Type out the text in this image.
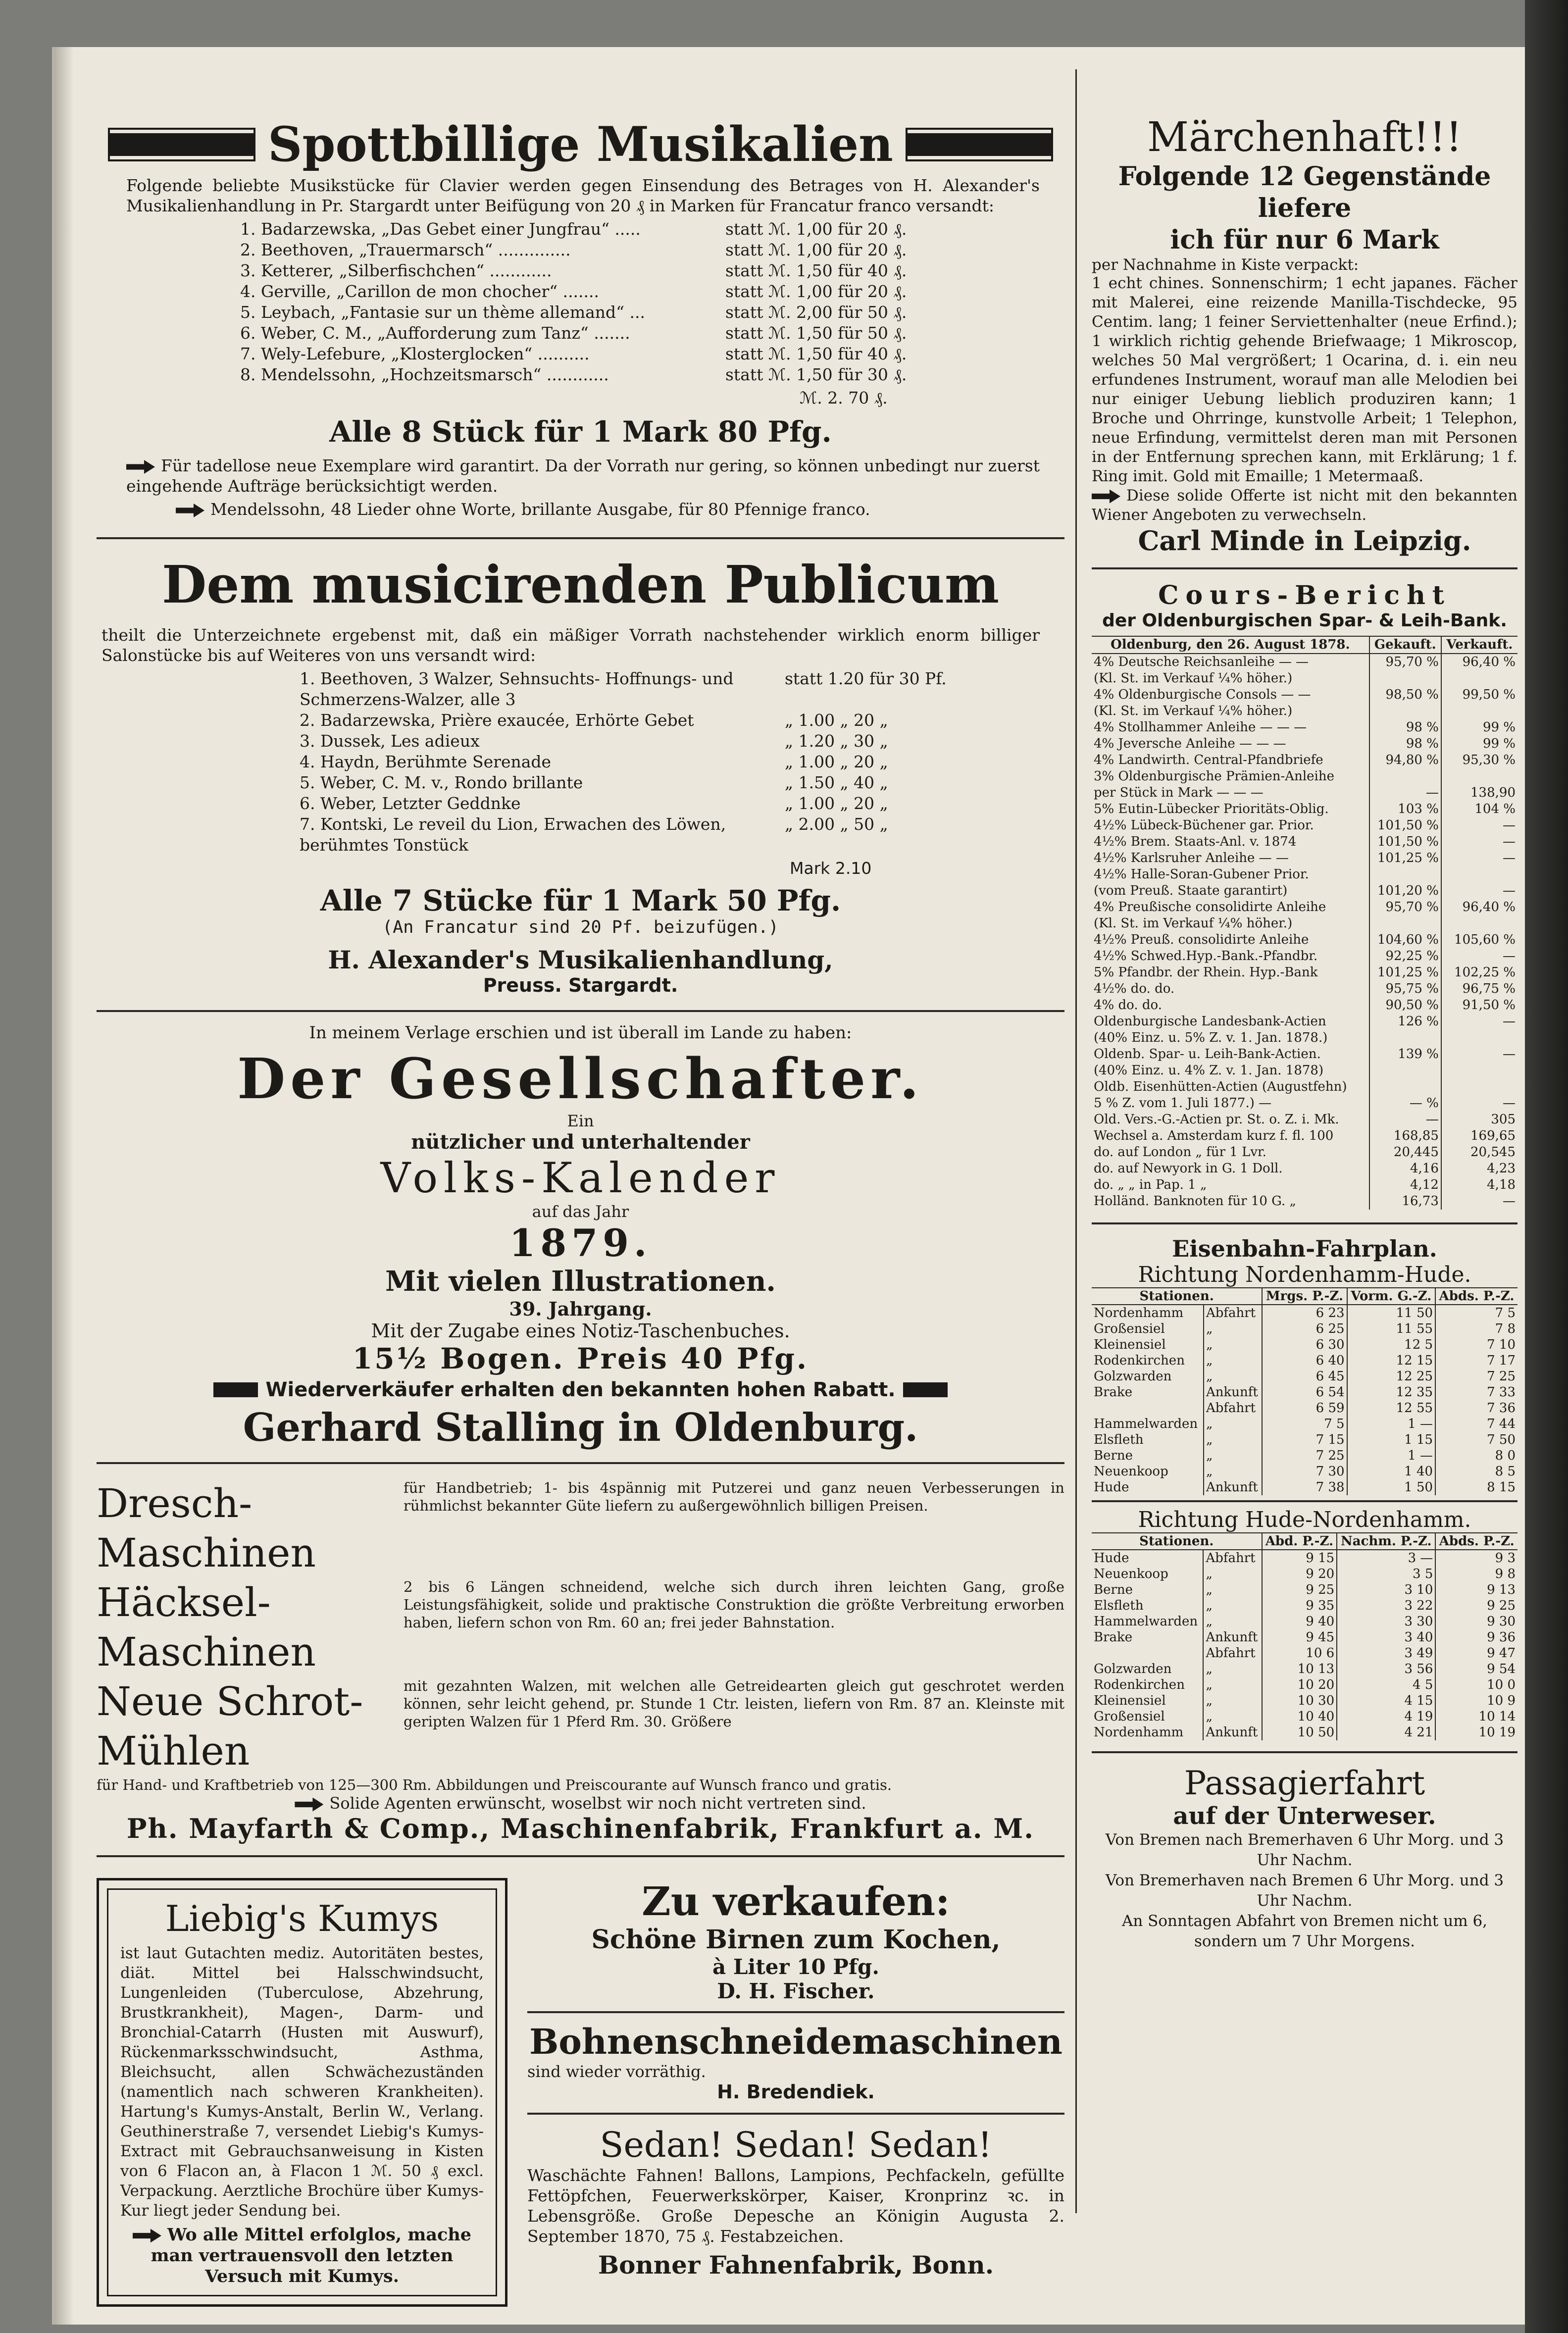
Spottbillige Musikalien

Folgende beliebte Musikstücke für Clavier werden gegen Einsendung des Betrages von H. Alexander's Musikalienhandlung in Pr. Stargardt unter Beifügung von 20 ₰ in Marken für Francatur franco versandt:

1. Badarzewska, „Das Gebet einer Jungfrau“ .....	statt ℳ. 1,00 für 20 ₰.
2. Beethoven, „Trauermarsch“ ..............	statt ℳ. 1,00 für 20 ₰.
3. Ketterer, „Silberfischchen“ ............	statt ℳ. 1,50 für 40 ₰.
4. Gerville, „Carillon de mon chocher“ .......	statt ℳ. 1,00 für 20 ₰.
5. Leybach, „Fantasie sur un thème allemand“ ...	statt ℳ. 2,00 für 50 ₰.
6. Weber, C. M., „Aufforderung zum Tanz“ .......	statt ℳ. 1,50 für 50 ₰.
7. Wely-Lefebure, „Klosterglocken“ ..........	statt ℳ. 1,50 für 40 ₰.
8. Mendelssohn, „Hochzeitsmarsch“ ............	statt ℳ. 1,50 für 30 ₰.
ℳ. 2. 70 ₰.
Alle 8 Stück für 1 Mark 80 Pfg.

Für tadellose neue Exemplare wird garantirt. Da der Vorrath nur gering, so können unbedingt nur zuerst eingehende Aufträge berücksichtigt werden.

Mendelssohn, 48 Lieder ohne Worte, brillante Ausgabe, für 80 Pfennige franco.

Dem musicirenden Publicum

theilt die Unterzeichnete ergebenst mit, daß ein mäßiger Vorrath nachstehender wirklich enorm billiger Salonstücke bis auf Weiteres von uns versandt wird:

1. Beethoven, 3 Walzer, Sehnsuchts- Hoffnungs- und Schmerzens-Walzer, alle 3
statt 1.20 für 30 Pf.
2. Badarzewska, Prière exaucée, Erhörte Gebet	„ 1.00 „ 20 „
3. Dussek, Les adieux	„ 1.20 „ 30 „
4. Haydn, Berühmte Serenade	„ 1.00 „ 20 „
5. Weber, C. M. v., Rondo brillante	„ 1.50 „ 40 „
6. Weber, Letzter Geddnke	„ 1.00 „ 20 „
7. Kontski, Le reveil du Lion, Erwachen des Löwen, berühmtes Tonstück
„ 2.00 „ 50 „
Mark 2.10
Alle 7 Stücke für 1 Mark 50 Pfg.
(An Francatur sind 20 Pf. beizufügen.)
H. Alexander's Musikalienhandlung,
Preuss. Stargardt.
In meinem Verlage erschien und ist überall im Lande zu haben:
Der Gesellschafter.
Ein
nützlicher und unterhaltender
Volks-Kalender
auf das Jahr
1879.
Mit vielen Illustrationen.
39. Jahrgang.
Mit der Zugabe eines Notiz-Taschenbuches.
15½ Bogen. Preis 40 Pfg.
Wiederverkäufer erhalten den bekannten hohen Rabatt.
Gerhard Stalling in Oldenburg.
Dresch-Maschinen
für Handbetrieb; 1- bis 4spännig mit Putzerei und ganz neuen Verbesserungen in rühmlichst bekannter Güte liefern zu außergewöhnlich billigen Preisen.
Häcksel-Maschinen
2 bis 6 Längen schneidend, welche sich durch ihren leichten Gang, große Leistungsfähigkeit, solide und praktische Construktion die größte Verbreitung erworben haben, liefern schon von Rm. 60 an; frei jeder Bahnstation.
Neue Schrot-Mühlen
mit gezahnten Walzen, mit welchen alle Getreidearten gleich gut geschrotet werden können, sehr leicht gehend, pr. Stunde 1 Ctr. leisten, liefern von Rm. 87 an. Kleinste mit geripten Walzen für 1 Pferd Rm. 30. Größere

für Hand- und Kraftbetrieb von 125—300 Rm. Abbildungen und Preiscourante auf Wunsch franco und gratis.

Solide Agenten erwünscht, woselbst wir noch nicht vertreten sind.

Ph. Mayfarth & Comp., Maschinenfabrik, Frankfurt a. M.
Liebig's Kumys

ist laut Gutachten mediz. Autoritäten bestes, diät. Mittel bei Halsschwindsucht, Lungenleiden (Tuberculose, Abzehrung, Brustkrankheit), Magen-, Darm- und Bronchial-Catarrh (Husten mit Auswurf), Rückenmarksschwindsucht, Asthma, Bleichsucht, allen Schwächezuständen (namentlich nach schweren Krankheiten). Hartung's Kumys-Anstalt, Berlin W., Verlang. Geuthinerstraße 7, versendet Liebig's Kumys-Extract mit Gebrauchsanweisung in Kisten von 6 Flacon an, à Flacon 1 ℳ. 50 ₰ excl. Verpackung. Aerztliche Brochüre über Kumys-Kur liegt jeder Sendung bei.

Wo alle Mittel erfolglos, mache man vertrauensvoll den letzten Versuch mit Kumys.

Zu verkaufen:
Schöne Birnen zum Kochen,
à Liter 10 Pfg.
D. H. Fischer.
Bohnenschneidemaschinen
sind wieder vorräthig.
H. Bredendiek.
Sedan! Sedan! Sedan!

Waschächte Fahnen! Ballons, Lampions, Pechfackeln, gefüllte Fettöpfchen, Feuerwerkskörper, Kaiser, Kronprinz ꝛc. in Lebensgröße. Große Depesche an Königin Augusta 2. September 1870, 75 ₰. Festabzeichen.

Bonner Fahnenfabrik, Bonn.
Märchenhaft!!!
Folgende 12 Gegenstände liefere
ich für nur 6 Mark
per Nachnahme in Kiste verpackt:

1 echt chines. Sonnenschirm; 1 echt japanes. Fächer mit Malerei, eine reizende Manilla-Tischdecke, 95 Centim. lang; 1 feiner Serviettenhalter (neue Erfind.); 1 wirklich richtig gehende Briefwaage; 1 Mikroscop, welches 50 Mal vergrößert; 1 Ocarina, d. i. ein neu erfundenes Instrument, worauf man alle Melodien bei nur einiger Uebung lieblich produziren kann; 1 Broche und Ohrringe, kunstvolle Arbeit; 1 Telephon, neue Erfindung, vermittelst deren man mit Personen in der Entfernung sprechen kann, mit Erklärung; 1 f. Ring imit. Gold mit Emaille; 1 Metermaaß.

Diese solide Offerte ist nicht mit den bekannten Wiener Angeboten zu verwechseln.

Carl Minde in Leipzig.
Cours-Bericht
der Oldenburgischen Spar- & Leih-Bank.
Oldenburg, den 26. August 1878.	Gekauft.	Verkauft.
4% Deutsche Reichsanleihe — —	95,70 %	96,40 %
(Kl. St. im Verkauf ¼% höher.)		
4% Oldenburgische Consols — —	98,50 %	99,50 %
(Kl. St. im Verkauf ¼% höher.)		
4% Stollhammer Anleihe — — —	98 %	99 %
4% Jeversche Anleihe — — —	98 %	99 %
4% Landwirth. Central-Pfandbriefe	94,80 %	95,30 %
3% Oldenburgische Prämien-Anleihe		
per Stück in Mark — — —	—	138,90
5% Eutin-Lübecker Prioritäts-Oblig.	103 %	104 %
4½% Lübeck-Büchener gar. Prior.	101,50 %	—
4½% Brem. Staats-Anl. v. 1874	101,50 %	—
4½% Karlsruher Anleihe — —	101,25 %	—
4½% Halle-Soran-Gubener Prior.		
(vom Preuß. Staate garantirt)	101,20 %	—
4% Preußische consolidirte Anleihe	95,70 %	96,40 %
(Kl. St. im Verkauf ¼% höher.)		
4½% Preuß. consolidirte Anleihe	104,60 %	105,60 %
4½% Schwed.Hyp.-Bank.-Pfandbr.	92,25 %	—
5% Pfandbr. der Rhein. Hyp.-Bank	101,25 %	102,25 %
4½% do. do.	95,75 %	96,75 %
4% do. do.	90,50 %	91,50 %
Oldenburgische Landesbank-Actien	126 %	—
(40% Einz. u. 5% Z. v. 1. Jan. 1878.)		
Oldenb. Spar- u. Leih-Bank-Actien.	139 %	—
(40% Einz. u. 4% Z. v. 1. Jan. 1878)		
Oldb. Eisenhütten-Actien (Augustfehn)		
5 % Z. vom 1. Juli 1877.) —	— %	—
Old. Vers.-G.-Actien pr. St. o. Z. i. Mk.	—	305
Wechsel a. Amsterdam kurz f. fl. 100	168,85	169,65
do. auf London „ für 1 Lvr.	20,445	20,545
do. auf Newyork in G. 1 Doll.	4,16	4,23
do. „ „ in Pap. 1 „	4,12	4,18
Holländ. Banknoten für 10 G. „	16,73	—
Eisenbahn-Fahrplan.
Richtung Nordenhamm-Hude.
Stationen.		Mrgs. P.-Z.	Vorm. G.-Z.	Abds. P.-Z.
Nordenhamm	Abfahrt	6 23	11 50	7 5
Großensiel	„	6 25	11 55	7 8
Kleinensiel	„	6 30	12 5	7 10
Rodenkirchen	„	6 40	12 15	7 17
Golzwarden	„	6 45	12 25	7 25
Brake	Ankunft	6 54	12 35	7 33
	Abfahrt	6 59	12 55	7 36
Hammelwarden	„	7 5	1 —	7 44
Elsfleth	„	7 15	1 15	7 50
Berne	„	7 25	1 —	8 0
Neuenkoop	„	7 30	1 40	8 5
Hude	Ankunft	7 38	1 50	8 15
Richtung Hude-Nordenhamm.
Stationen.		Abd. P.-Z.	Nachm. P.-Z.	Abds. P.-Z.
Hude	Abfahrt	9 15	3 —	9 3
Neuenkoop	„	9 20	3 5	9 8
Berne	„	9 25	3 10	9 13
Elsfleth	„	9 35	3 22	9 25
Hammelwarden	„	9 40	3 30	9 30
Brake	Ankunft	9 45	3 40	9 36
	Abfahrt	10 6	3 49	9 47
Golzwarden	„	10 13	3 56	9 54
Rodenkirchen	„	10 20	4 5	10 0
Kleinensiel	„	10 30	4 15	10 9
Großensiel	„	10 40	4 19	10 14
Nordenhamm	Ankunft	10 50	4 21	10 19
Passagierfahrt
auf der Unterweser.

Von Bremen nach Bremerhaven 6 Uhr Morg. und 3 Uhr Nachm.

Von Bremerhaven nach Bremen 6 Uhr Morg. und 3 Uhr Nachm.

An Sonntagen Abfahrt von Bremen nicht um 6, sondern um 7 Uhr Morgens.
